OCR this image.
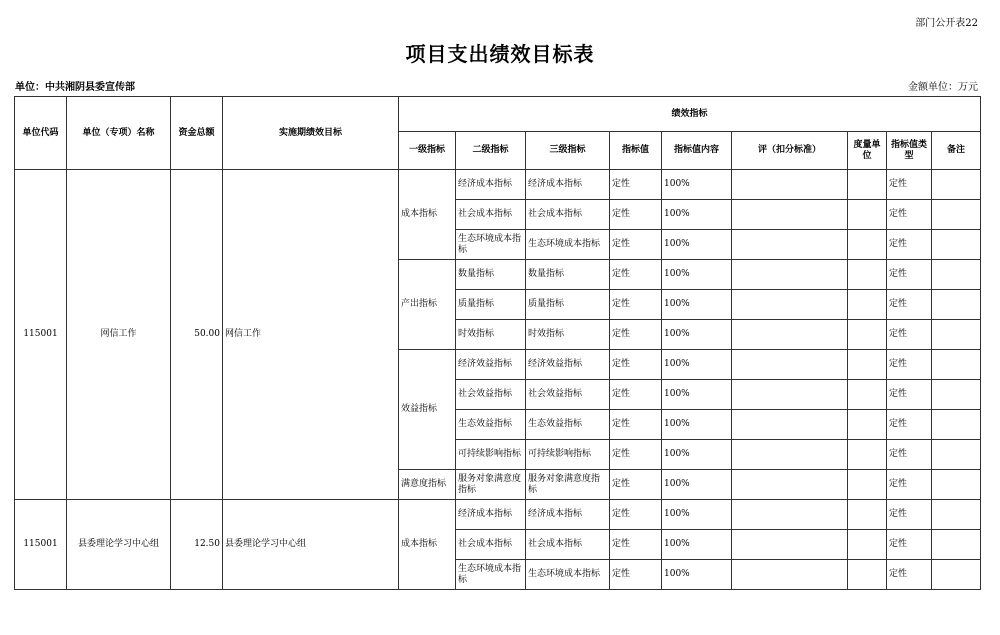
部门公开表22
项目支出绩效目标表
单位：中共湘阴县委宣传部	金额单位：万元
单位代码	单位（专项）名称	资金总额	实施期绩效目标	绩效指标								
				一级指标	二级指标	三级指标	指标值	指标值内容	评（扣分标准）	度量单位	指标值类型	备注
115001	网信工作	50.00	网信工作	成本指标	经济成本指标	经济成本指标	定性	100%			定性	
					社会成本指标	社会成本指标	定性	100%			定性	
					生态环境成本指标	生态环境成本指标	定性	100%			定性	
				产出指标	数量指标	数量指标	定性	100%			定性	
					质量指标	质量指标	定性	100%			定性	
					时效指标	时效指标	定性	100%			定性	
				效益指标	经济效益指标	经济效益指标	定性	100%			定性	
					社会效益指标	社会效益指标	定性	100%			定性	
					生态效益指标	生态效益指标	定性	100%			定性	
					可持续影响指标	可持续影响指标	定性	100%			定性	
				满意度指标	服务对象满意度指标	服务对象满意度指标	定性	100%			定性	
115001	县委理论学习中心组	12.50	县委理论学习中心组	成本指标	经济成本指标	经济成本指标	定性	100%			定性	
					社会成本指标	社会成本指标	定性	100%			定性	
					生态环境成本指标	生态环境成本指标	定性	100%			定性	
